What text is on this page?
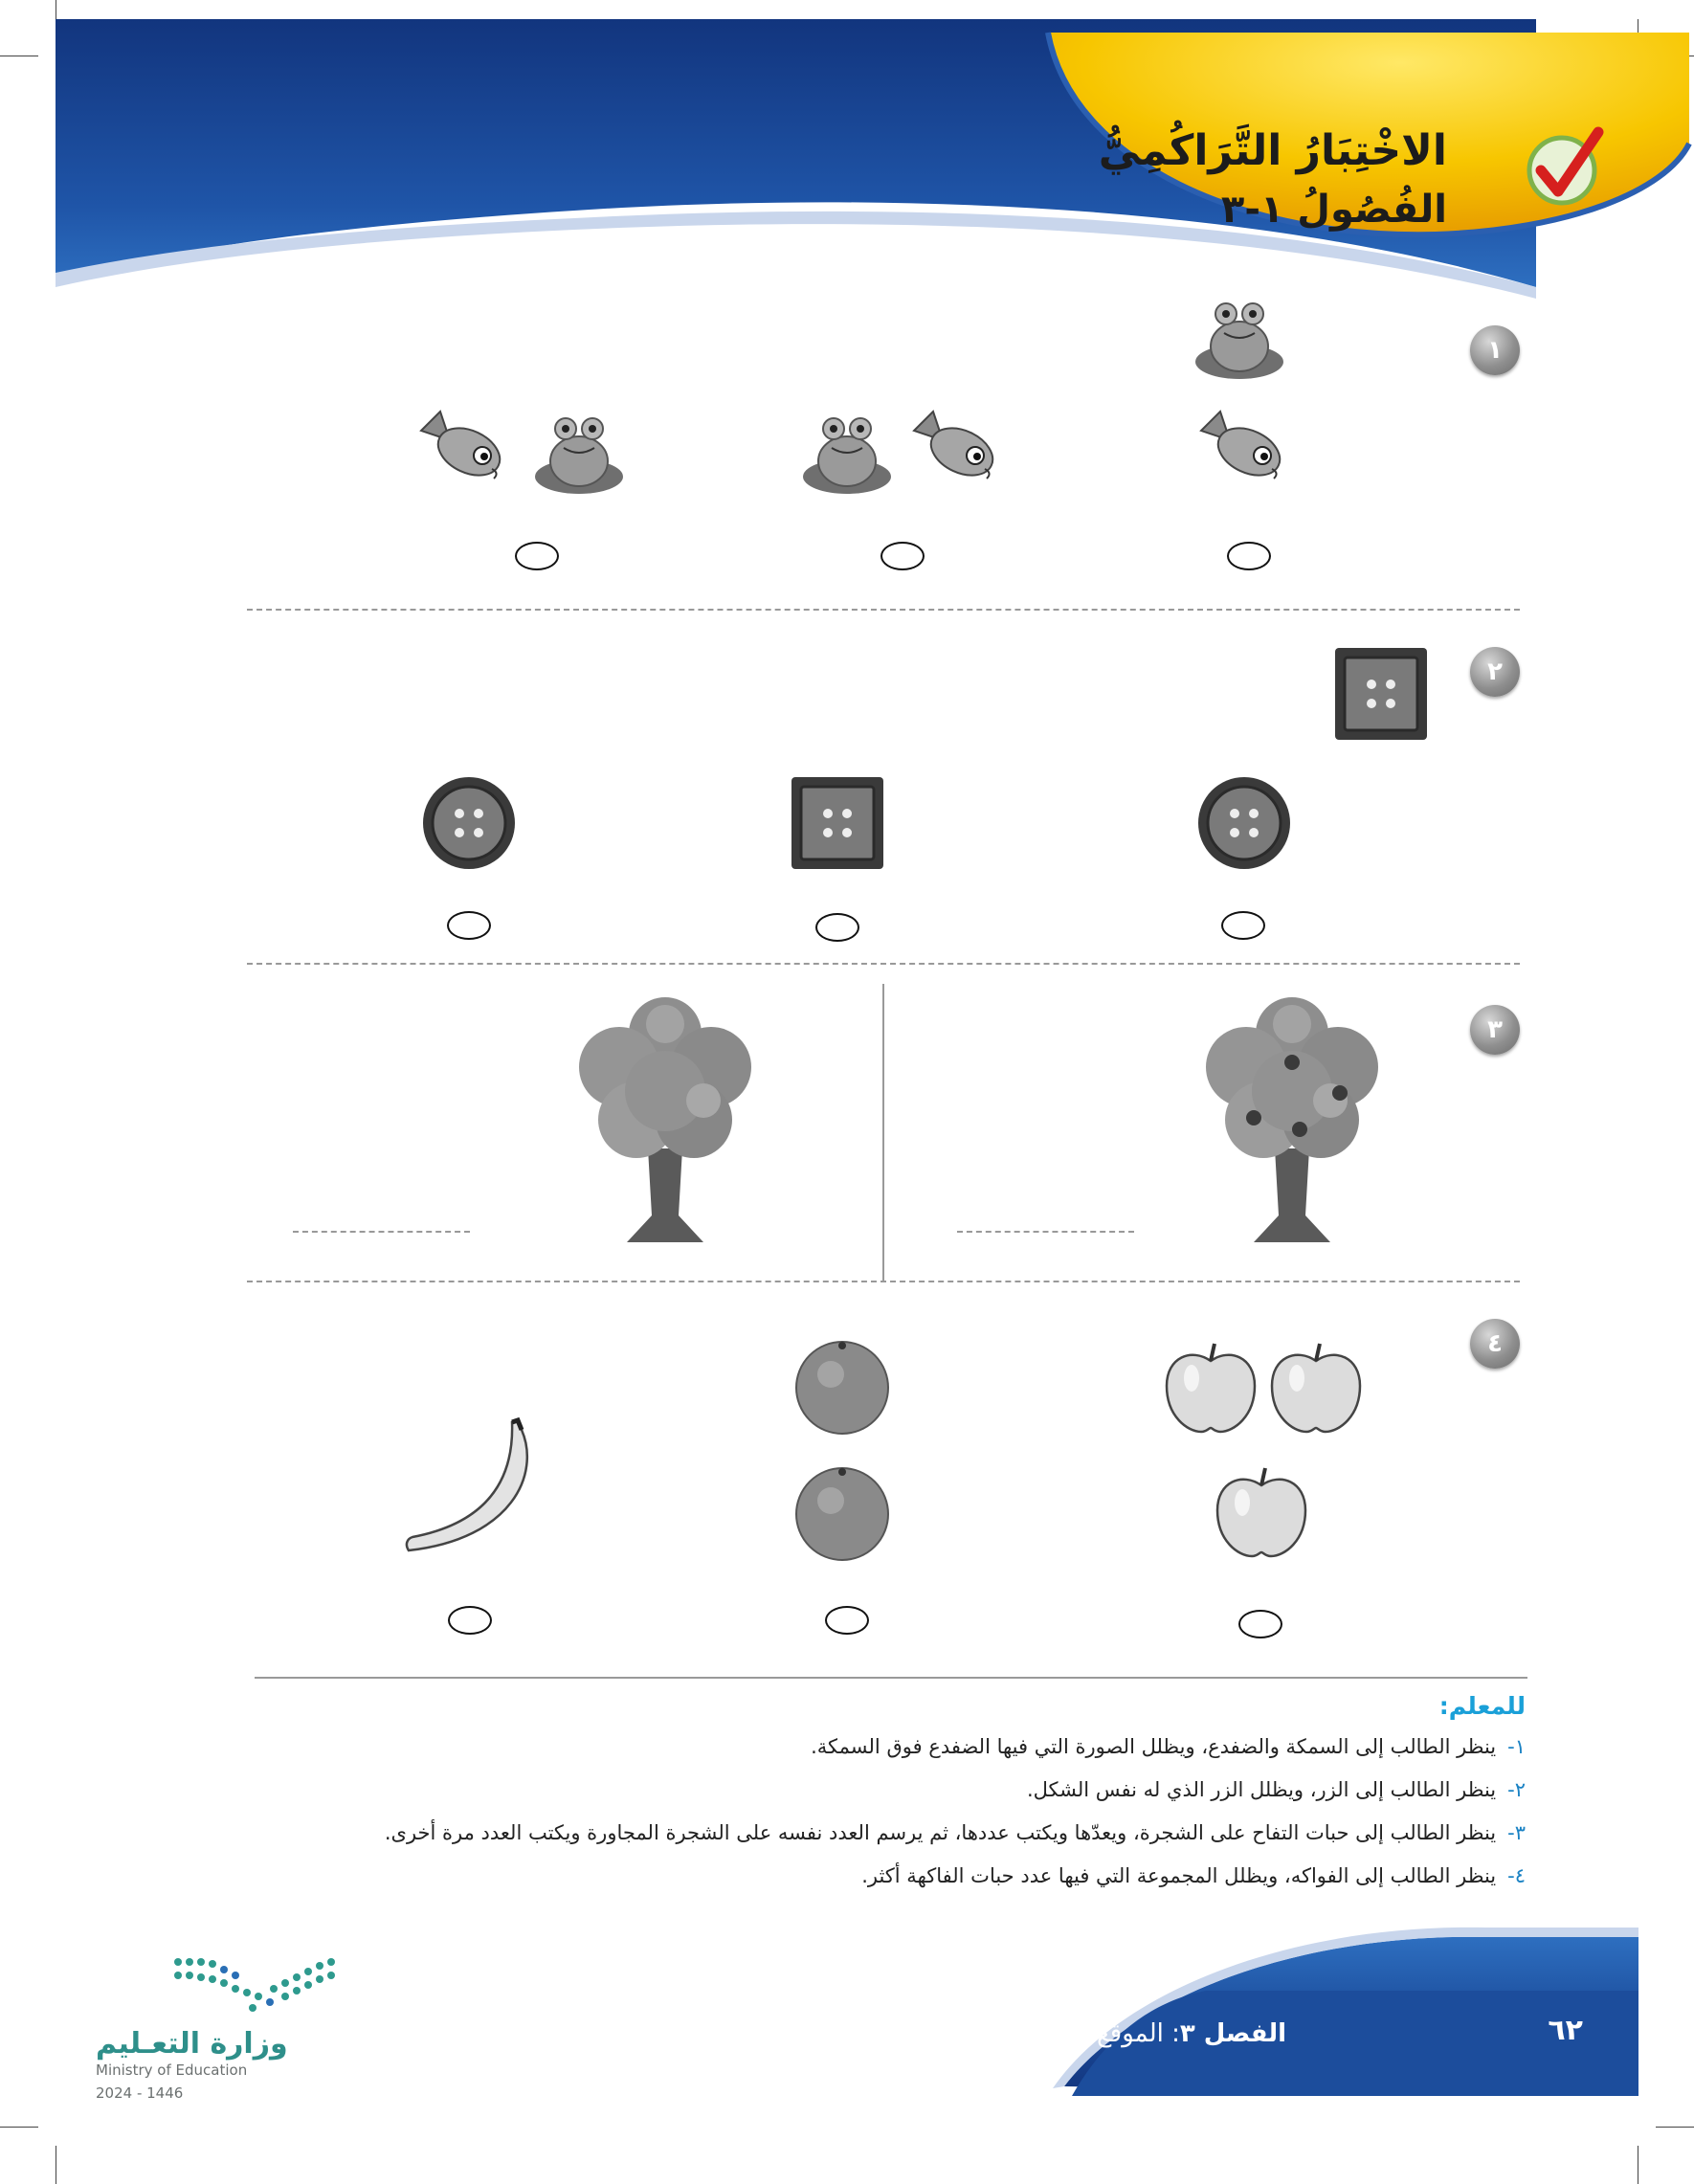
الاخْتِبَارُ التَّرَاكُمِيُّ
الفُصُولُ ١-٣
١
٢
٣
٤
للمعلم:
١-ينظر الطالب إلى السمكة والضفدع، ويظلل الصورة التي فيها الضفدع فوق السمكة.
٢-ينظر الطالب إلى الزر، ويظلل الزر الذي له نفس الشكل.
٣-ينظر الطالب إلى حبات التفاح على الشجرة، ويعدّها ويكتب عددها، ثم يرسم العدد نفسه على الشجرة المجاورة ويكتب العدد مرة أخرى.
٤-ينظر الطالب إلى الفواكه، ويظلل المجموعة التي فيها عدد حبات الفاكهة أكثر.
الفصل ٣: الموقع والنمط	٦٢
وزارة التعـليم
Ministry of Education
2024 - 1446
